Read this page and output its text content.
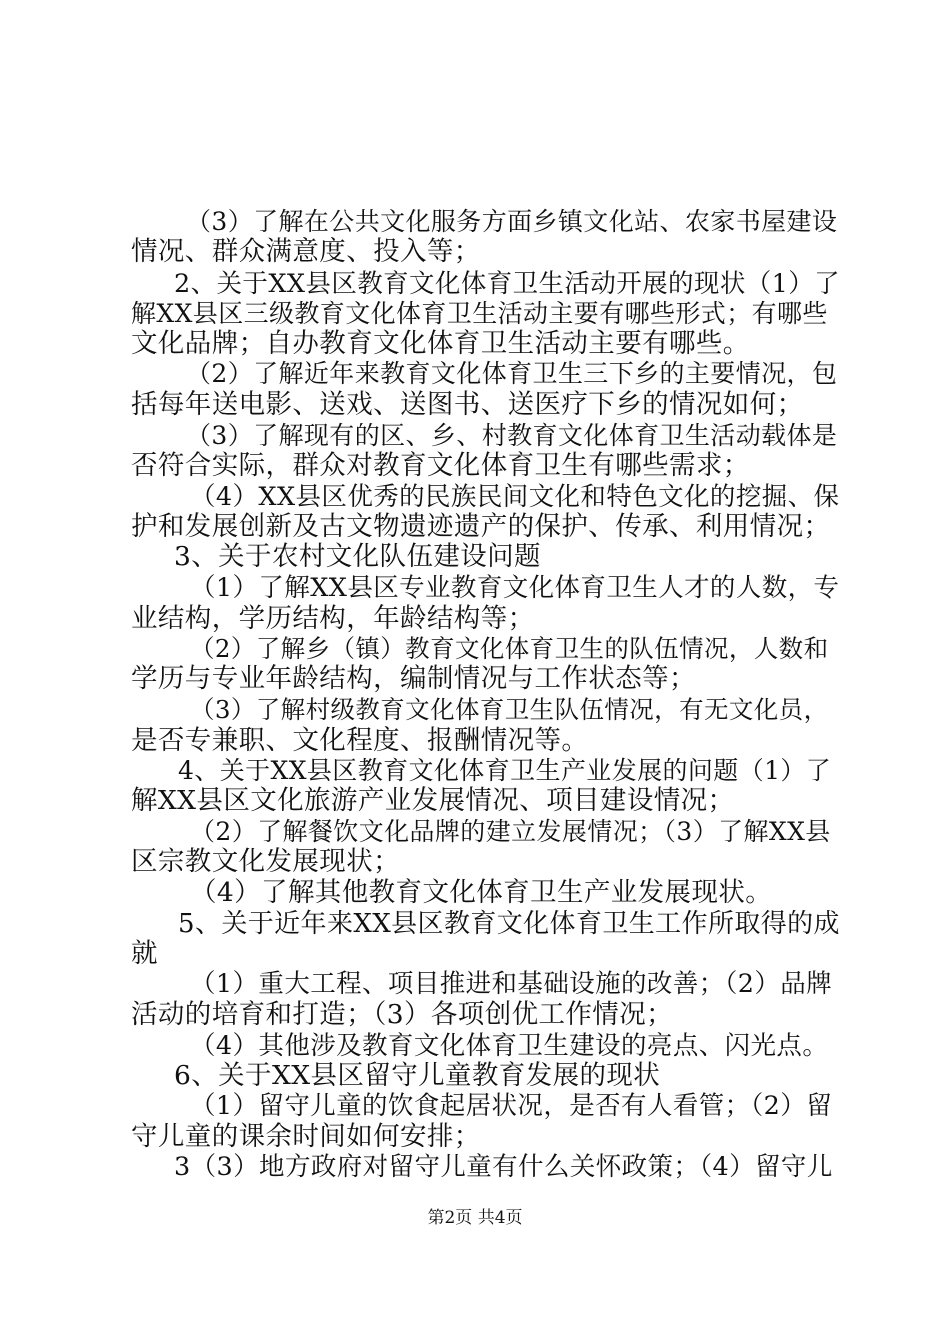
（3）了解在公共文化服务方面乡镇文化站、农家书屋建设
情况、群众满意度、投入等；
2、关于XX县区教育文化体育卫生活动开展的现状（1）了
解XX县区三级教育文化体育卫生活动主要有哪些形式；有哪些
文化品牌；自办教育文化体育卫生活动主要有哪些。
（2）了解近年来教育文化体育卫生三下乡的主要情况，包
括每年送电影、送戏、送图书、送医疗下乡的情况如何；
（3）了解现有的区、乡、村教育文化体育卫生活动载体是
否符合实际，群众对教育文化体育卫生有哪些需求；
（4）XX县区优秀的民族民间文化和特色文化的挖掘、保
护和发展创新及古文物遗迹遗产的保护、传承、利用情况；
3、关于农村文化队伍建设问题
（1）了解XX县区专业教育文化体育卫生人才的人数，专
业结构，学历结构，年龄结构等；
（2）了解乡（镇）教育文化体育卫生的队伍情况，人数和
学历与专业年龄结构，编制情况与工作状态等；
（3）了解村级教育文化体育卫生队伍情况，有无文化员，
是否专兼职、文化程度、报酬情况等。
4、关于XX县区教育文化体育卫生产业发展的问题（1）了
解XX县区文化旅游产业发展情况、项目建设情况；
（2）了解餐饮文化品牌的建立发展情况；（3）了解XX县
区宗教文化发展现状；
（4）了解其他教育文化体育卫生产业发展现状。
5、关于近年来XX县区教育文化体育卫生工作所取得的成
就
（1）重大工程、项目推进和基础设施的改善；（2）品牌
活动的培育和打造；（3）各项创优工作情况；
（4）其他涉及教育文化体育卫生建设的亮点、闪光点。
6、关于XX县区留守儿童教育发展的现状
（1）留守儿童的饮食起居状况，是否有人看管；（2）留
守儿童的课余时间如何安排；
3（3）地方政府对留守儿童有什么关怀政策；（4）留守儿
第2页 共4页
